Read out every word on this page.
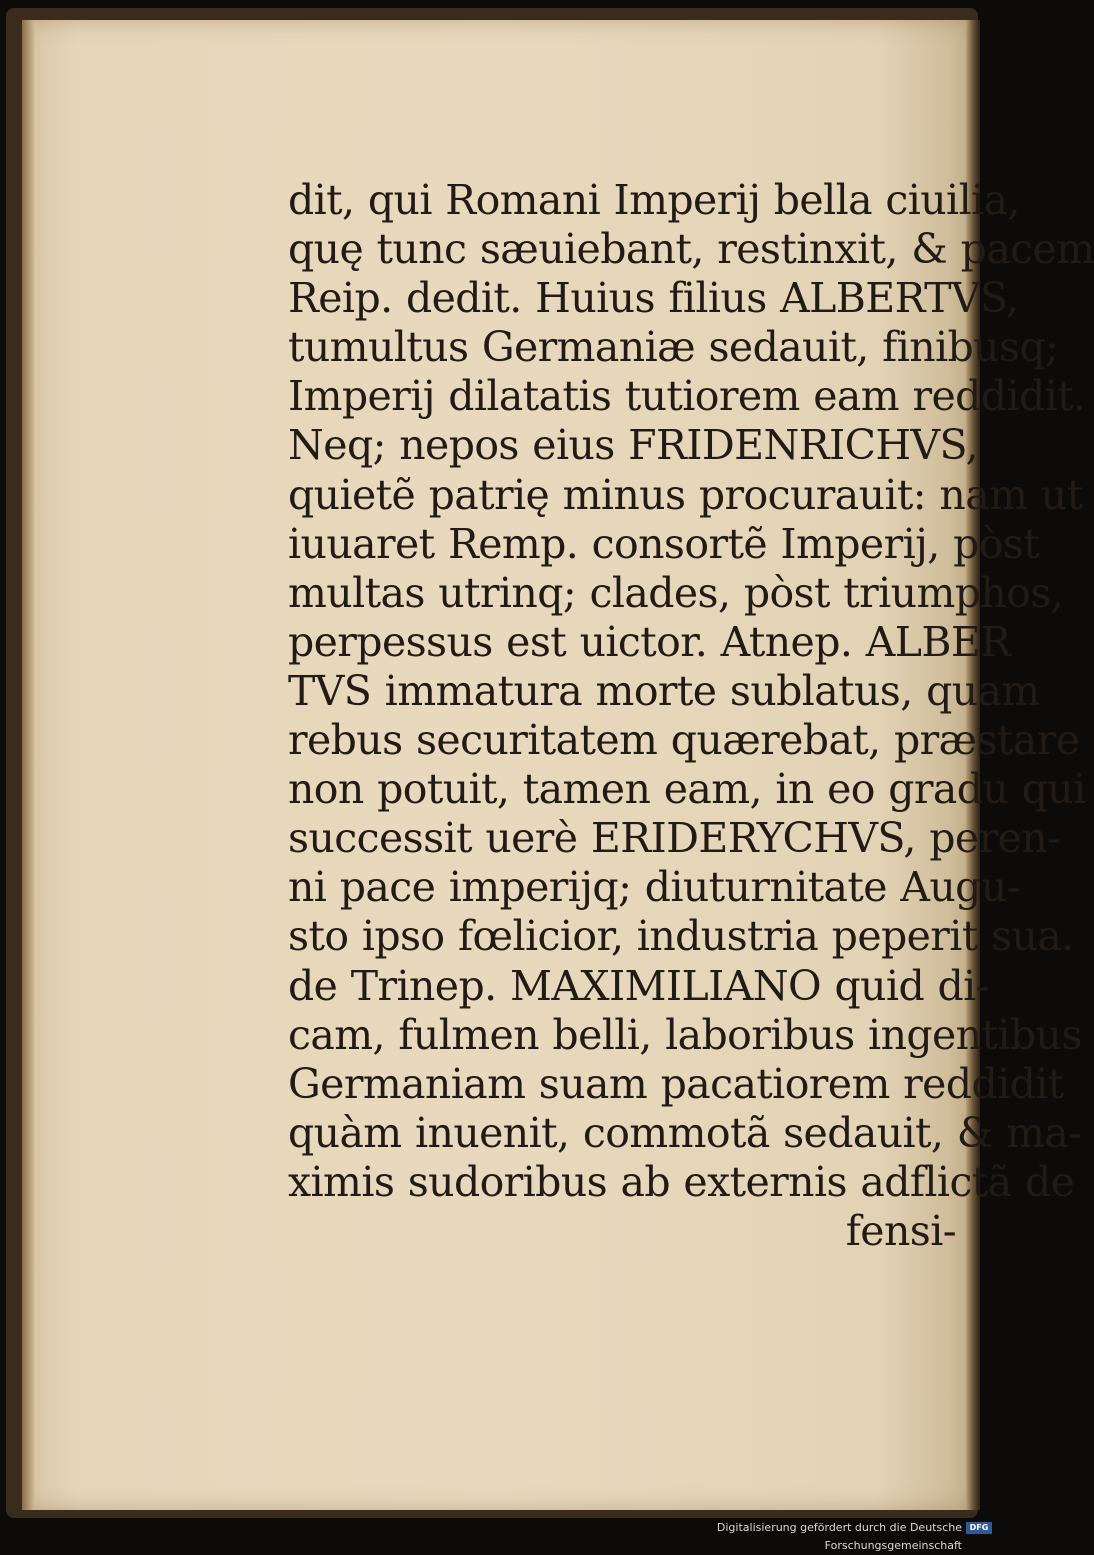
dit, qui Romani Imperij bella ciuilia,
quę tunc sæuiebant, restinxit, & pacem
Reip. dedit. Huius filius ALBERTVS,
tumultus Germaniæ sedauit, finibusq;
Imperij dilatatis tutiorem eam reddidit.
Neq; nepos eius FRIDENRICHVS,
quietẽ patrię minus procurauit: nam ut
iuuaret Remp. consortẽ Imperij, pòst
multas utrinq; clades, pòst triumphos,
perpessus est uictor. Atnep. ALBER
TVS immatura morte sublatus, quam
rebus securitatem quærebat, præstare
non potuit, tamen eam, in eo gradu qui
successit uerè ERIDERYCHVS, peren-
ni pace imperijq; diuturnitate Augu-
sto ipso fœlicior, industria peperit sua.
de Trinep. MAXIMILIANO quid di-
cam, fulmen belli, laboribus ingentibus
Germaniam suam pacatiorem reddidit
quàm inuenit, commotã sedauit, & ma-
ximis sudoribus ab externis adflictã de
fensi-
Digitalisierung gefördert durch die Deutsche Forschungsgemeinschaft
DFG
